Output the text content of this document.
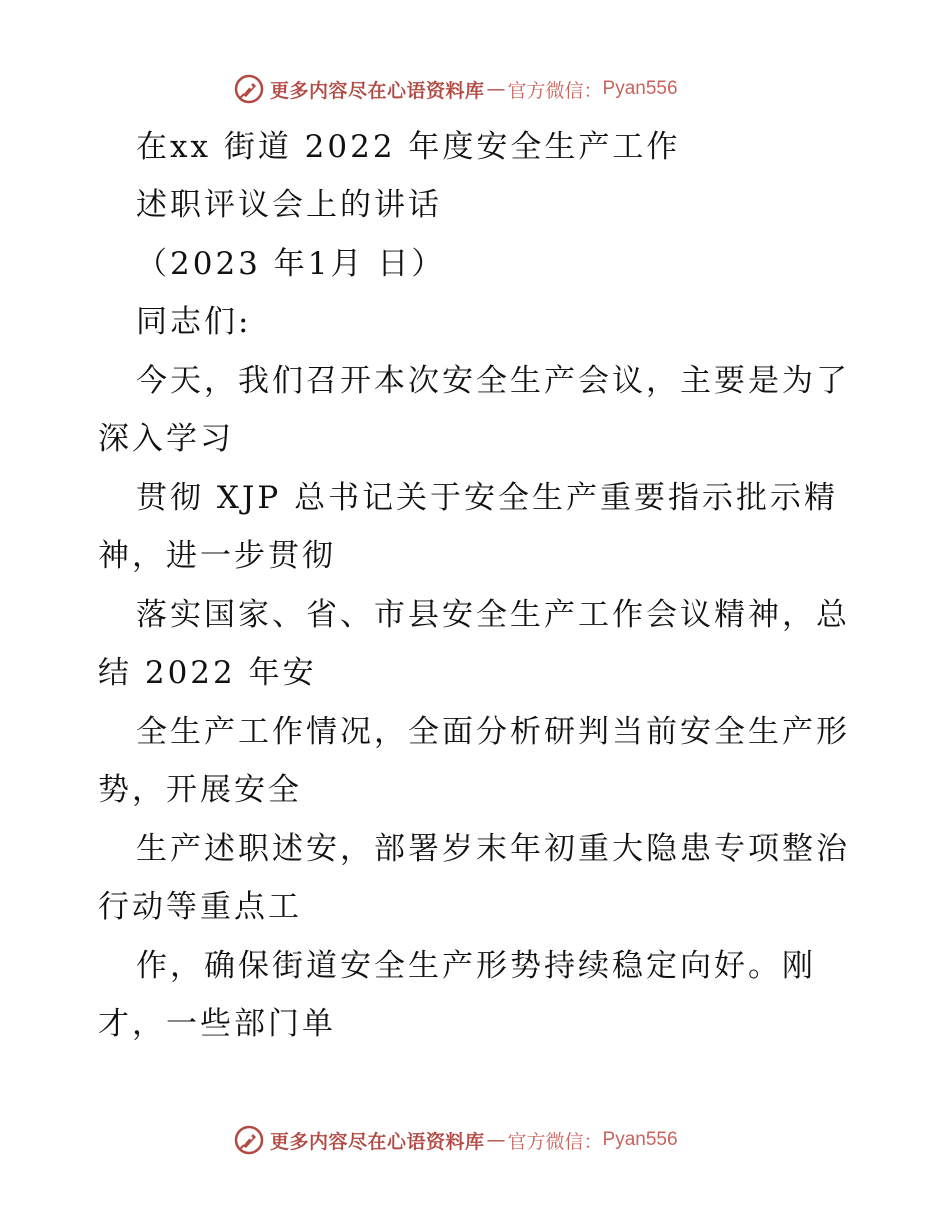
更多内容尽在心语资料库 — 官方微信： Pyan556
在xx 街道 2022 年度安全生产工作
述职评议会上的讲话
（2023 年1月 日）
同志们:
今天，我们召开本次安全生产会议，主要是为了
深入学习
贯彻 XJP 总书记关于安全生产重要指示批示精
神，进一步贯彻
落实国家、省、市县安全生产工作会议精神，总
结 2022 年安
全生产工作情况，全面分析研判当前安全生产形
势，开展安全
生产述职述安，部署岁末年初重大隐患专项整治
行动等重点工
作，确保街道安全生产形势持续稳定向好。刚
才，一些部门单
更多内容尽在心语资料库 — 官方微信： Pyan556
